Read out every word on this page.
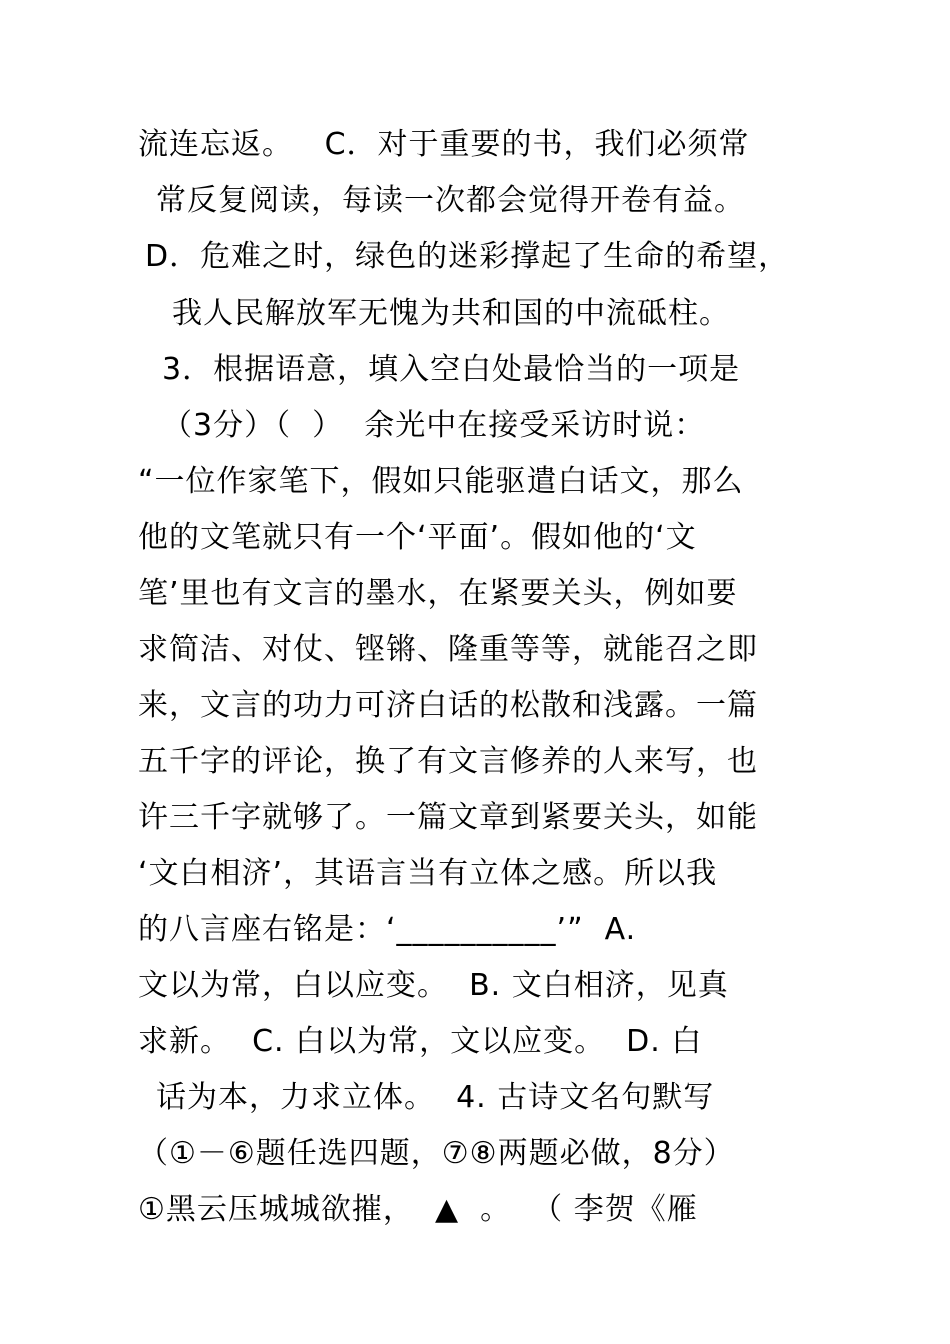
流连忘返。   C．对于重要的书，我们必须常
常反复阅读，每读一次都会觉得开卷有益。
D．危难之时，绿色的迷彩撑起了生命的希望，
我人民解放军无愧为共和国的中流砥柱。
3．根据语意，填入空白处最恰当的一项是
（3分）（  ）  余光中在接受采访时说：
“一位作家笔下，假如只能驱遣白话文，那么
他的文笔就只有一个‘平面’。假如他的‘文
笔’里也有文言的墨水，在紧要关头，例如要
求简洁、对仗、铿锵、隆重等等，就能召之即
来，文言的功力可济白话的松散和浅露。一篇
五千字的评论，换了有文言修养的人来写，也
许三千字就够了。一篇文章到紧要关头，如能
‘文白相济’，其语言当有立体之感。所以我
的八言座右铭是：‘__________’”  A.
文以为常，白以应变。  B. 文白相济，见真
求新。  C. 白以为常，文以应变。  D. 白
话为本，力求立体。  4. 古诗文名句默写
（①－⑥题任选四题，⑦⑧两题必做，8分）
①黑云压城城欲摧，  ▲  。  （ 李贺《雁
